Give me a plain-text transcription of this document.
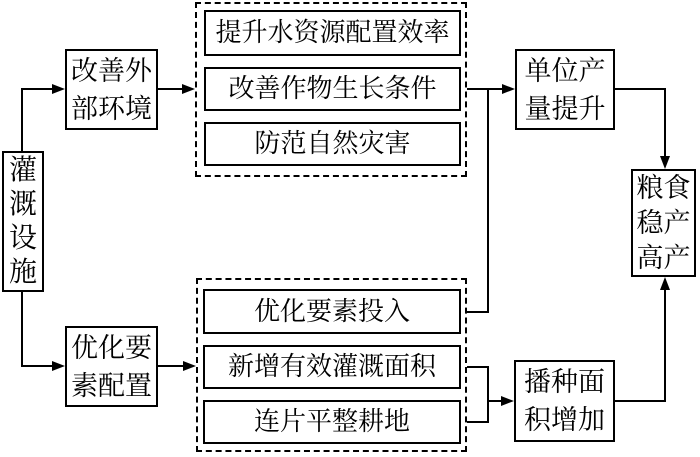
灌溉设施
改善外部环境
优化要素配置
提升水资源配置效率
改善作物生长条件
防范自然灾害
优化要素投入
新增有效灌溉面积
连片平整耕地
单位产量提升
播种面积增加
粮食稳产高产
